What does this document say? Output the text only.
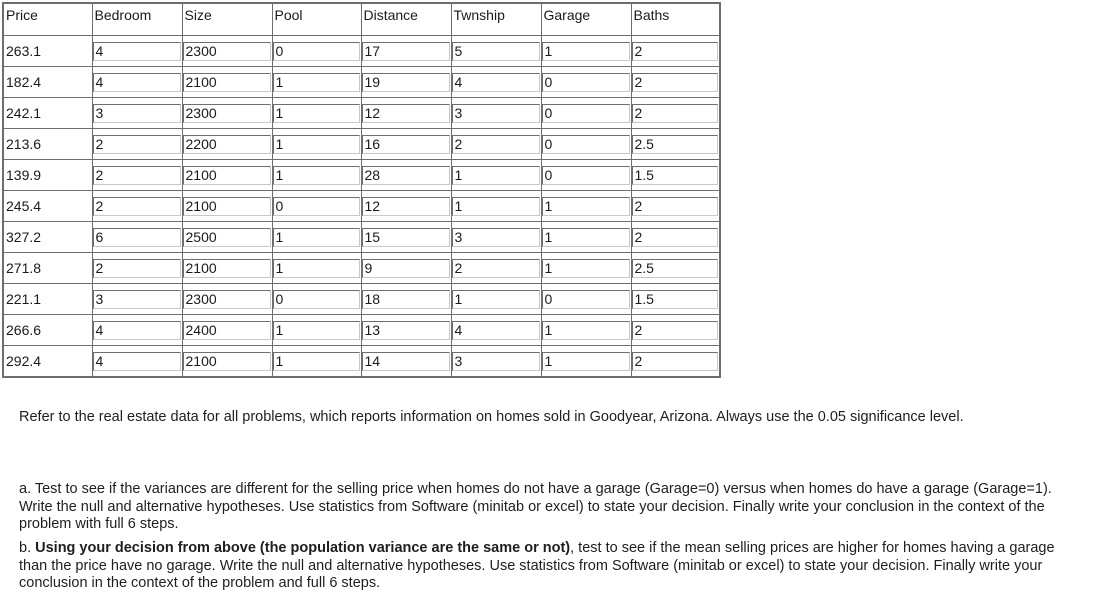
Price	Bedroom	Size	Pool	Distance	Twnship	Garage	Baths

263.1	4	2300	0	17	5	1	2

182.4	4	2100	1	19	4	0	2

242.1	3	2300	1	12	3	0	2

213.6	2	2200	1	16	2	0	2.5

139.9	2	2100	1	28	1	0	1.5

245.4	2	2100	0	12	1	1	2

327.2	6	2500	1	15	3	1	2

271.8	2	2100	1	9	2	1	2.5

221.1	3	2300	0	18	1	0	1.5

266.6	4	2400	1	13	4	1	2

292.4	4	2100	1	14	3	1	2

Refer to the real estate data for all problems, which reports information on homes sold in Goodyear, Arizona. Always use the 0.05 significance level.

a. Test to see if the variances are different for the selling price when homes do not have a garage (Garage=0) versus when homes do have a garage (Garage=1). Write the null and alternative hypotheses. Use statistics from Software (minitab or excel) to state your decision. Finally write your conclusion in the context of the problem with full 6 steps.

b. Using your decision from above (the population variance are the same or not), test to see if the mean selling prices are higher for homes having a garage than the price have no garage. Write the null and alternative hypotheses. Use statistics from Software (minitab or excel) to state your decision. Finally write your conclusion in the context of the problem and full 6 steps.
